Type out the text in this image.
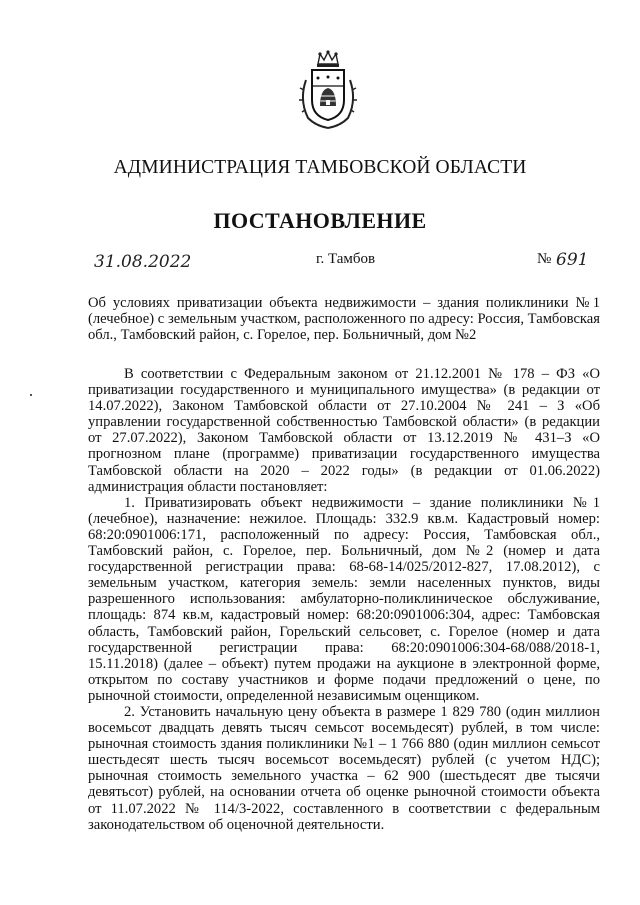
АДМИНИСТРАЦИЯ ТАМБОВСКОЙ ОБЛАСТИ
ПОСТАНОВЛЕНИЕ
31.08.2022	г. Тамбов	№ 691
Об условиях приватизации объекта недвижимости – здания поликлиники №1 (лечебное) с земельным участком, расположенного по адресу: Россия, Тамбовская обл., Тамбовский район, с. Горелое, пер. Больничный, дом №2

В соответствии с Федеральным законом от 21.12.2001 № 178 – ФЗ «О приватизации государственного и муниципального имущества» (в редакции от 14.07.2022), Законом Тамбовской области от 27.10.2004 № 241 – З «Об управлении государственной собственностью Тамбовской области» (в редакции от 27.07.2022), Законом Тамбовской области от 13.12.2019 № 431–З «О прогнозном плане (программе) приватизации государственного имущества Тамбовской области на 2020 – 2022 годы» (в редакции от 01.06.2022) администрация области постановляет:

1. Приватизировать объект недвижимости – здание поликлиники №1 (лечебное), назначение: нежилое. Площадь: 332.9 кв.м. Кадастровый номер: 68:20:0901006:171, расположенный по адресу: Россия, Тамбовская обл., Тамбовский район, с. Горелое, пер. Больничный, дом №2 (номер и дата государственной регистрации права: 68-68-14/025/2012-827, 17.08.2012), с земельным участком, категория земель: земли населенных пунктов, виды разрешенного использования: амбулаторно-поликлиническое обслуживание, площадь: 874 кв.м, кадастровый номер: 68:20:0901006:304, адрес: Тамбовская область, Тамбовский район, Горельский сельсовет, с. Горелое (номер и дата государственной регистрации права: 68:20:0901006:304-68/088/2018-1, 15.11.2018) (далее – объект) путем продажи на аукционе в электронной форме, открытом по составу участников и форме подачи предложений о цене, по рыночной стоимости, определенной независимым оценщиком.

2. Установить начальную цену объекта в размере 1 829 780 (один миллион восемьсот двадцать девять тысяч семьсот восемьдесят) рублей, в том числе: рыночная стоимость здания поликлиники №1 – 1 766 880 (один миллион семьсот шестьдесят шесть тысяч восемьсот восемьдесят) рублей (с учетом НДС); рыночная стоимость земельного участка – 62 900 (шестьдесят две тысячи девятьсот) рублей, на основании отчета об оценке рыночной стоимости объекта от 11.07.2022 № 114/3-2022, составленного в соответствии с федеральным законодательством об оценочной деятельности.
